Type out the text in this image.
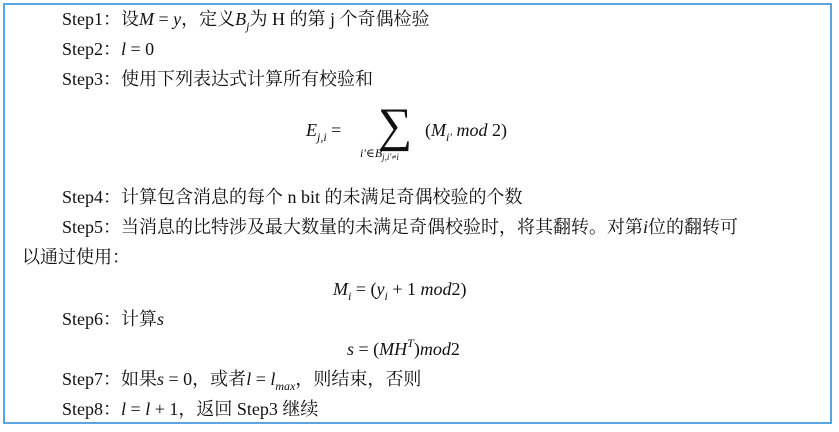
Step1：设M = y，定义$B_j$为 H 的第 j 个奇偶检验
Step2：l = 0
Step3：使用下列表达式计算所有校验和
$E_{j,i}$ = ∑
$i'\in B_{j,i'\ne i}$
($M_{i'}$ mod 2)
Step4：计算包含消息的每个 n bit 的未满足奇偶校验的个数
Step5：当消息的比特涉及最大数量的未满足奇偶校验时，将其翻转。对第i位的翻转可
以通过使用：
$M_i = (y_i + 1$ mod2)
Step6：计算s
$s = (MH^T)mod2$
Step7：如果s = 0，或者$l = l_{max}$，则结束，否则
Step8：l = l + 1，返回 Step3 继续
